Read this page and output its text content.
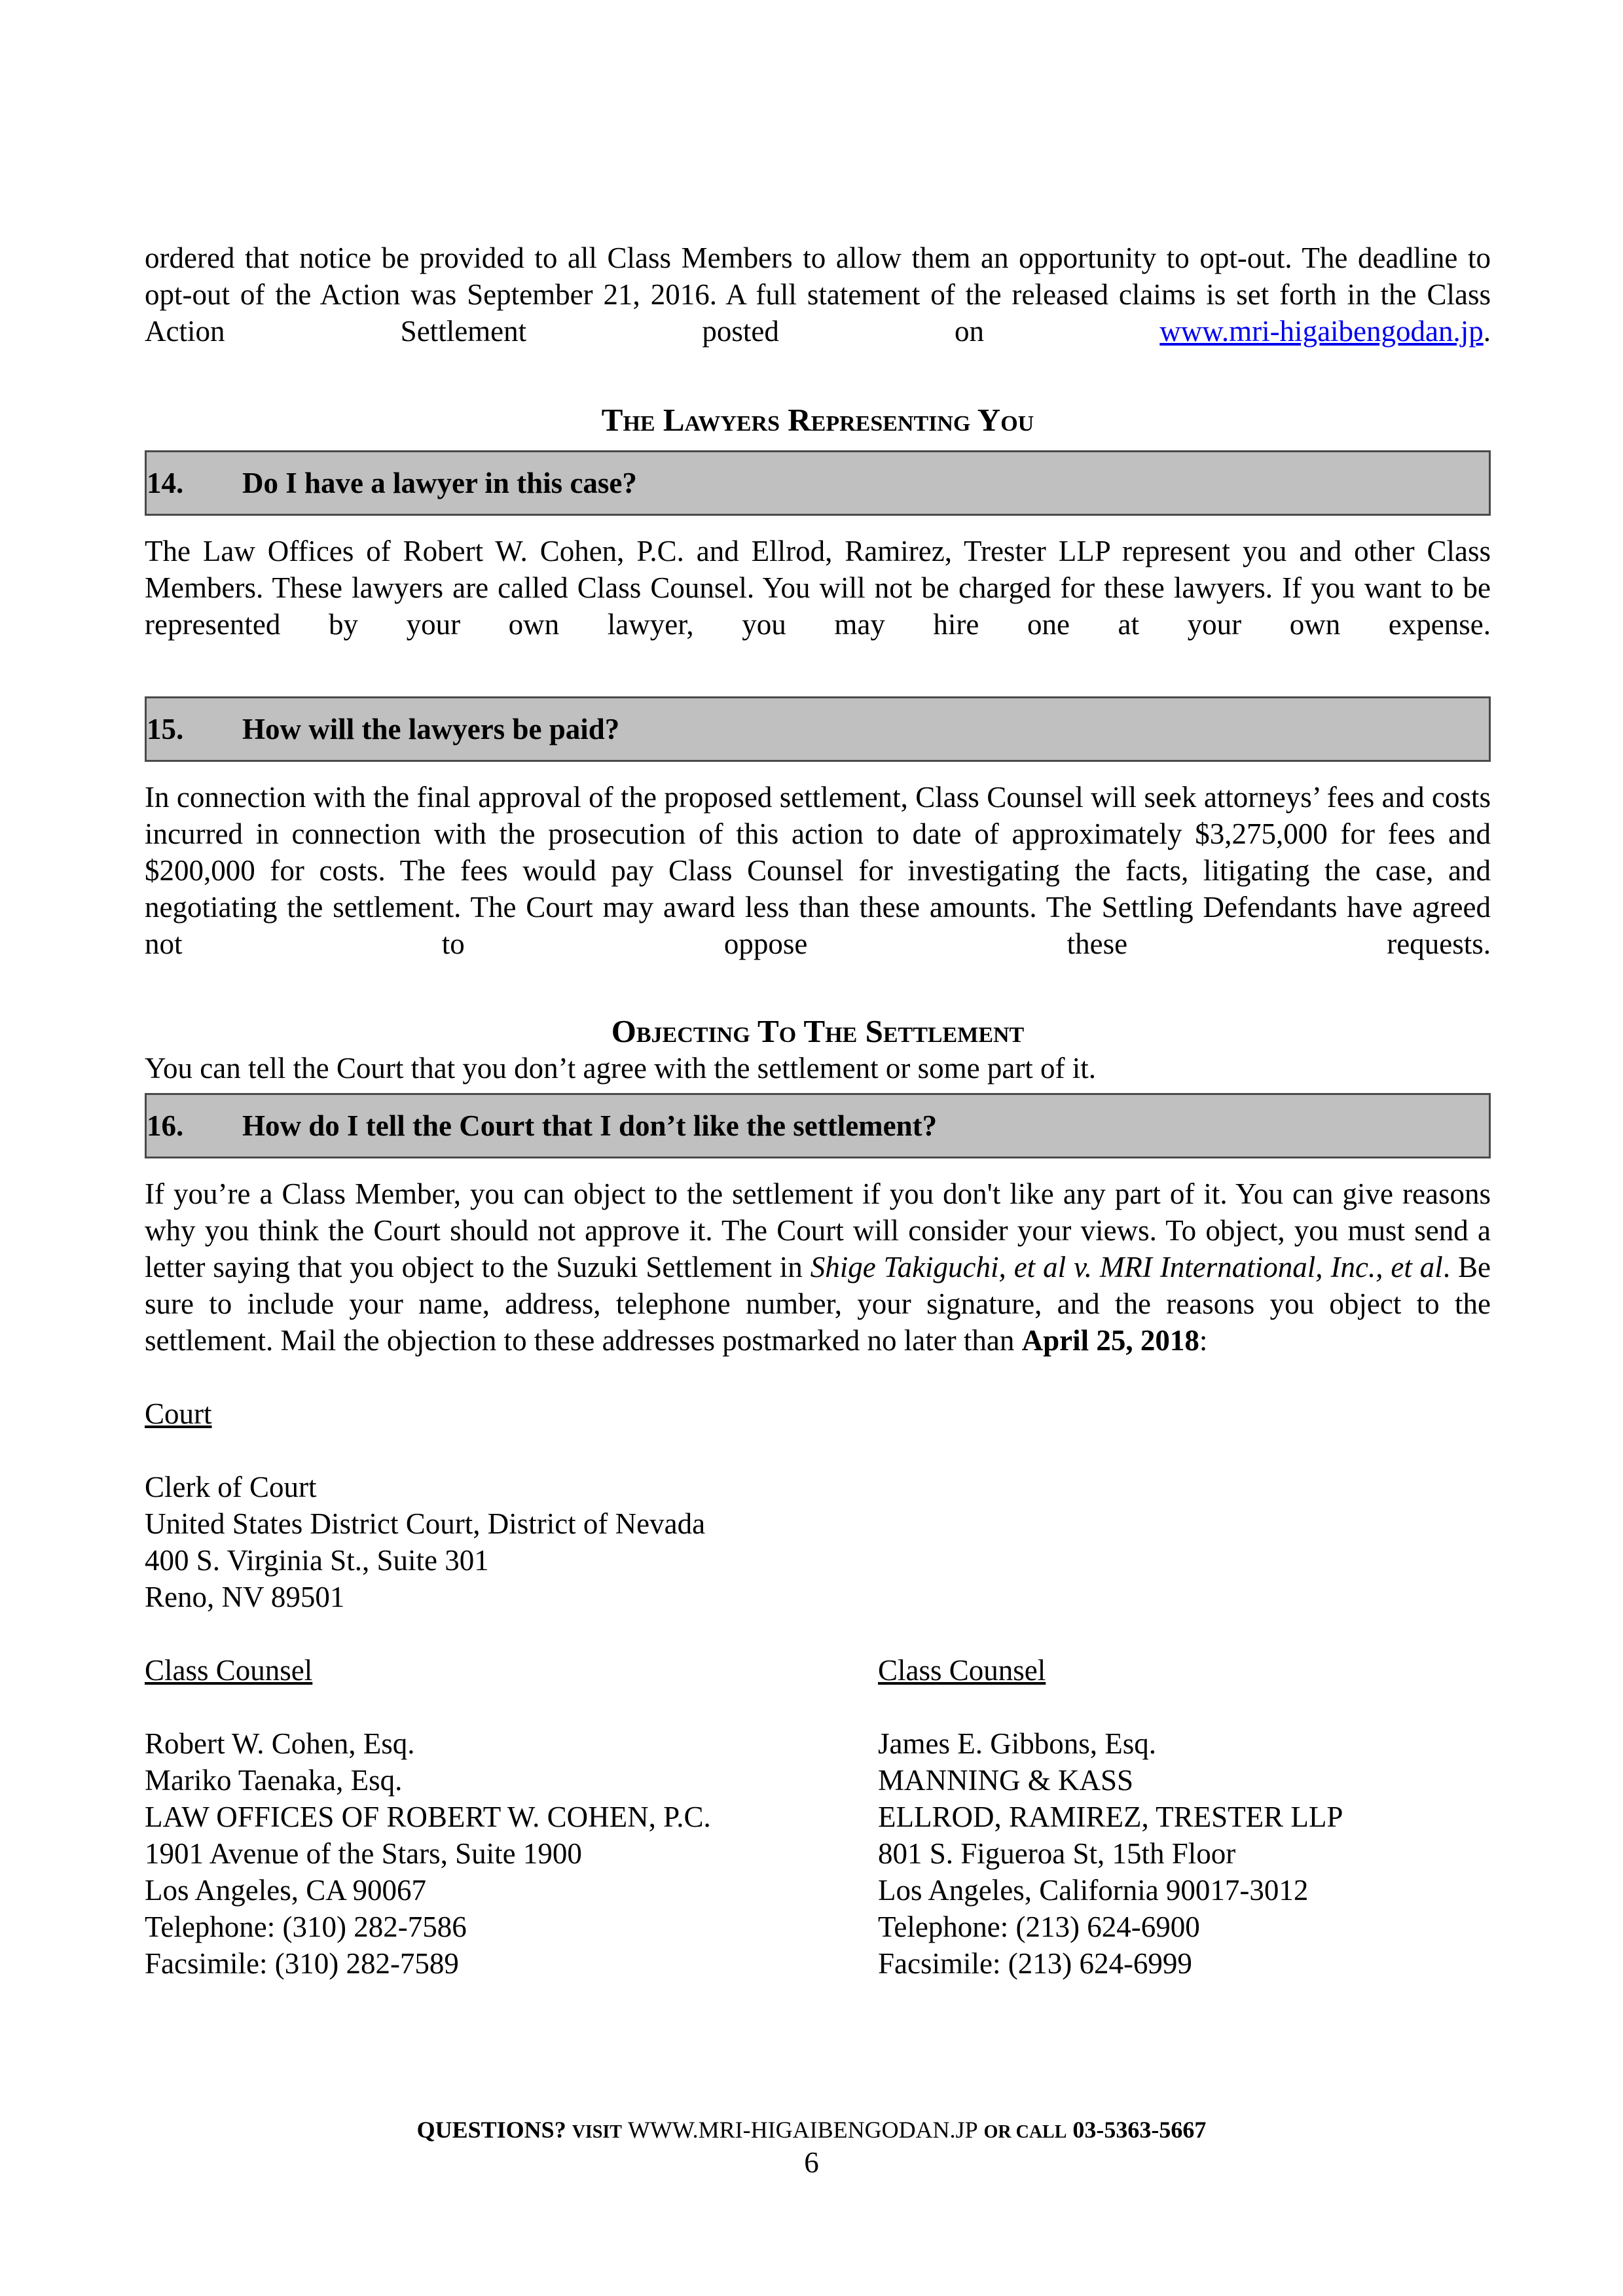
ordered that notice be provided to all Class Members to allow them an opportunity to opt-out. The deadline to opt-out of the Action was September 21, 2016. A full statement of the released claims is set forth in the Class Action Settlement posted on www.mri-higaibengodan.jp.

The Lawyers Representing You
14.	Do I have a lawyer in this case?

The Law Offices of Robert W. Cohen, P.C. and Ellrod, Ramirez, Trester LLP represent you and other Class Members. These lawyers are called Class Counsel. You will not be charged for these lawyers. If you want to be represented by your own lawyer, you may hire one at your own expense.

15.	How will the lawyers be paid?

In connection with the final approval of the proposed settlement, Class Counsel will seek attorneys’ fees and costs incurred in connection with the prosecution of this action to date of approximately $3,275,000 for fees and $200,000 for costs. The fees would pay Class Counsel for investigating the facts, litigating the case, and negotiating the settlement. The Court may award less than these amounts. The Settling Defendants have agreed not to oppose these requests.

Objecting To The Settlement

You can tell the Court that you don’t agree with the settlement or some part of it.

16.	How do I tell the Court that I don’t like the settlement?

If you’re a Class Member, you can object to the settlement if you don't like any part of it. You can give reasons why you think the Court should not approve it. The Court will consider your views. To object, you must send a letter saying that you object to the Suzuki Settlement in Shige Takiguchi, et al v. MRI International, Inc., et al. Be sure to include your name, address, telephone number, your signature, and the reasons you object to the settlement. Mail the objection to these addresses postmarked no later than April 25, 2018:

Court

Clerk of Court

United States District Court, District of Nevada

400 S. Virginia St., Suite 301

Reno, NV 89501

Class Counsel

Robert W. Cohen, Esq.

Mariko Taenaka, Esq.

LAW OFFICES OF ROBERT W. COHEN, P.C.

1901 Avenue of the Stars, Suite 1900

Los Angeles, CA 90067

Telephone: (310) 282-7586

Facsimile: (310) 282-7589

Class Counsel

James E. Gibbons, Esq.

MANNING & KASS

ELLROD, RAMIREZ, TRESTER LLP

801 S. Figueroa St, 15th Floor

Los Angeles, California 90017-3012

Telephone: (213) 624-6900

Facsimile: (213) 624-6999

QUESTIONS? VISIT WWW.MRI-HIGAIBENGODAN.JP OR CALL 03-5363-5667
6
